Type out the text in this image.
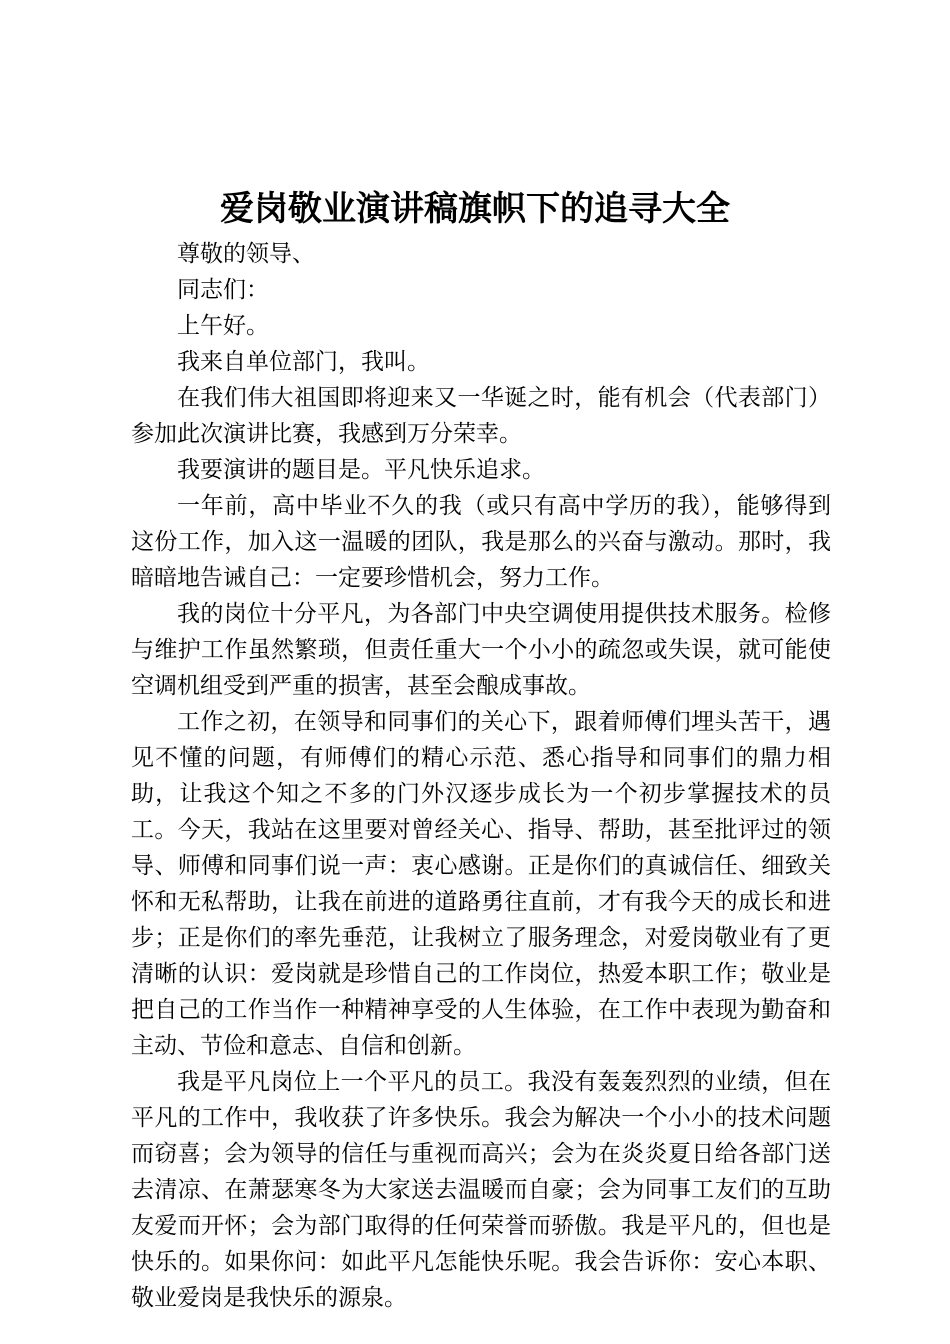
爱岗敬业演讲稿旗帜下的追寻大全

尊敬的领导、

同志们：

上午好。

我来自单位部门，我叫。

在我们伟大祖国即将迎来又一华诞之时，能有机会（代表部门）参加此次演讲比赛，我感到万分荣幸。

我要演讲的题目是。平凡快乐追求。

一年前，高中毕业不久的我（或只有高中学历的我），能够得到这份工作，加入这一温暖的团队，我是那么的兴奋与激动。那时，我暗暗地告诫自己：一定要珍惜机会，努力工作。

我的岗位十分平凡，为各部门中央空调使用提供技术服务。检修与维护工作虽然繁琐，但责任重大一个小小的疏忽或失误，就可能使空调机组受到严重的损害，甚至会酿成事故。

工作之初，在领导和同事们的关心下，跟着师傅们埋头苦干，遇见不懂的问题，有师傅们的精心示范、悉心指导和同事们的鼎力相助，让我这个知之不多的门外汉逐步成长为一个初步掌握技术的员工。今天，我站在这里要对曾经关心、指导、帮助，甚至批评过的领导、师傅和同事们说一声：衷心感谢。正是你们的真诚信任、细致关怀和无私帮助，让我在前进的道路勇往直前，才有我今天的成长和进步；正是你们的率先垂范，让我树立了服务理念，对爱岗敬业有了更清晰的认识：爱岗就是珍惜自己的工作岗位，热爱本职工作；敬业是把自己的工作当作一种精神享受的人生体验，在工作中表现为勤奋和主动、节俭和意志、自信和创新。

我是平凡岗位上一个平凡的员工。我没有轰轰烈烈的业绩，但在平凡的工作中，我收获了许多快乐。我会为解决一个小小的技术问题而窃喜；会为领导的信任与重视而高兴；会为在炎炎夏日给各部门送去清凉、在萧瑟寒冬为大家送去温暖而自豪；会为同事工友们的互助友爱而开怀；会为部门取得的任何荣誉而骄傲。我是平凡的，但也是快乐的。如果你问：如此平凡怎能快乐呢。我会告诉你：安心本职、敬业爱岗是我快乐的源泉。
